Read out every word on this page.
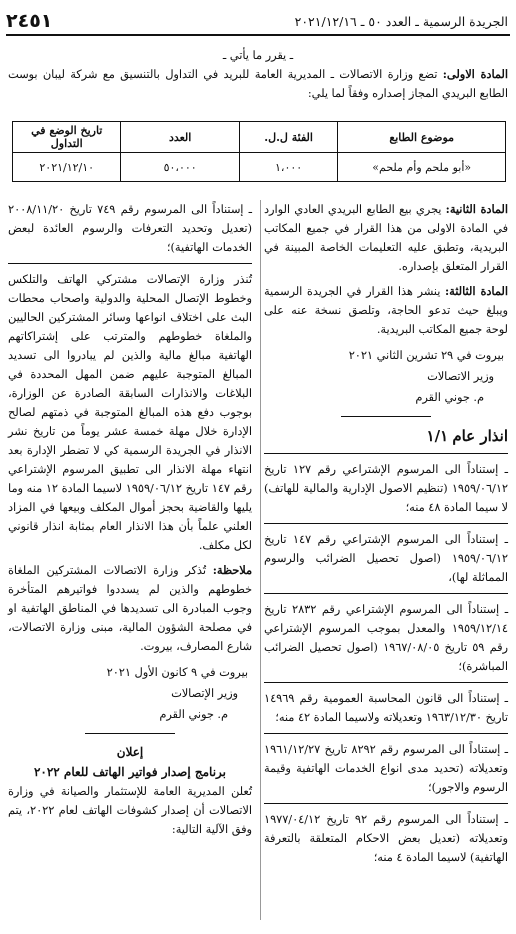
٢٤٥١	الجريدة الرسمية ـ العدد ٥٠ ـ ٢٠٢١/١٢/١٦

ـ يقرر ما يأتي ـ

المادة الاولى: تضع وزارة الاتصالات ـ المديرية العامة للبريد في التداول بالتنسيق مع شركة ليبان بوست الطابع البريدي المجاز إصداره وفقاً لما يلي:

موضوع الطابع	الفئة ل.ل.	العدد	تاريخ الوضع في التداول
«أبو ملحم وأم ملحم»	١،٠٠٠	٥٠،٠٠٠	٢٠٢١/١٢/١٠

المادة الثانية: يجري بيع الطابع البريدي العادي الوارد في المادة الاولى من هذا القرار في جميع المكاتب البريدية، وتطبق عليه التعليمات الخاصة المبينة في القرار المتعلق بإصداره.

المادة الثالثة: ينشر هذا القرار في الجريدة الرسمية ويبلغ حيث تدعو الحاجة، وتلصق نسخة عنه على لوحة جميع المكاتب البريدية.

بيروت في ٢٩ تشرين الثاني ٢٠٢١

وزير الاتصالات

م. جوني القرم

انذار عام ١/١

ـ إستناداً الى المرسوم الإشتراعي رقم ١٢٧ تاريخ ١٩٥٩/٠٦/١٢ (تنظيم الاصول الإدارية والمالية للهاتف) لا سيما المادة ٤٨ منه؛

ـ إستناداً الى المرسوم الإشتراعي رقم ١٤٧ تاريخ ١٩٥٩/٠٦/١٢ (اصول تحصيل الضرائب والرسوم المماثلة لها)،

ـ إستناداً الى المرسوم الإشتراعي رقم ٢٨٣٢ تاريخ ١٩٥٩/١٢/١٤ والمعدل بموجب المرسوم الإشتراعي رقم ٥٩ تاريخ ١٩٦٧/٠٨/٠٥ (اصول تحصيل الضرائب المباشرة)؛

ـ إستناداً الى قانون المحاسبة العمومية رقم ١٤٩٦٩ تاريخ ١٩٦٣/١٢/٣٠ وتعديلاته ولاسيما المادة ٤٢ منه؛

ـ إستناداً الى المرسوم رقم ٨٢٩٢ تاريخ ١٩٦١/١٢/٢٧ وتعديلاته (تحديد مدى انواع الخدمات الهاتفية وقيمة الرسوم والاجور)؛

ـ إستناداً الى المرسوم رقم ٩٢ تاريخ ١٩٧٧/٠٤/١٢ وتعديلاته (تعديل بعض الاحكام المتعلقة بالتعرفة الهاتفية) لاسيما المادة ٤ منه؛

ـ إستناداً الى المرسوم رقم ٧٤٩ تاريخ ٢٠٠٨/١١/٢٠ (تعديل وتحديد التعرفات والرسوم العائدة لبعض الخدمات الهاتفية)؛

تُنذر وزارة الإتصالات مشتركي الهاتف والتلكس وخطوط الإتصال المحلية والدولية واصحاب محطات البث على اختلاف انواعها وسائر المشتركين الحاليين والملغاة خطوطهم والمترتب على إشتراكاتهم الهاتفية مبالغ مالية والذين لم يبادروا الى تسديد المبالغ المتوجبة عليهم ضمن المهل المحددة في البلاغات والانذارات السابقة الصادرة عن الوزارة، بوجوب دفع هذه المبالغ المتوجبة في ذمتهم لصالح الإدارة خلال مهلة خمسة عشر يوماً من تاريخ نشر الانذار في الجريدة الرسمية كي لا تضطر الإدارة بعد انتهاء مهلة الانذار الى تطبيق المرسوم الإشتراعي رقم ١٤٧ تاريخ ١٩٥٩/٠٦/١٢ لاسيما المادة ١٢ منه وما يليها والقاضية بحجز أموال المكلف وبيعها في المزاد العلني علماً بأن هذا الانذار العام بمثابة انذار قانوني لكل مكلف.

ملاحظة: تُذكر وزارة الاتصالات المشتركين الملغاة خطوطهم والذين لم يسددوا فواتيرهم المتأخرة وجوب المبادرة الى تسديدها في المناطق الهاتفية او في مصلحة الشؤون المالية، مبنى وزارة الاتصالات، شارع المصارف، بيروت.

بيروت في ٩ كانون الأول ٢٠٢١

وزير الإتصالات

م. جوني القرم

إعلان

برنامج إصدار فواتير الهاتف للعام ٢٠٢٢

تُعلن المديرية العامة للإستثمار والصيانة في وزارة الاتصالات أن إصدار كشوفات الهاتف لعام ٢٠٢٢، يتم وفق الآلية التالية:
